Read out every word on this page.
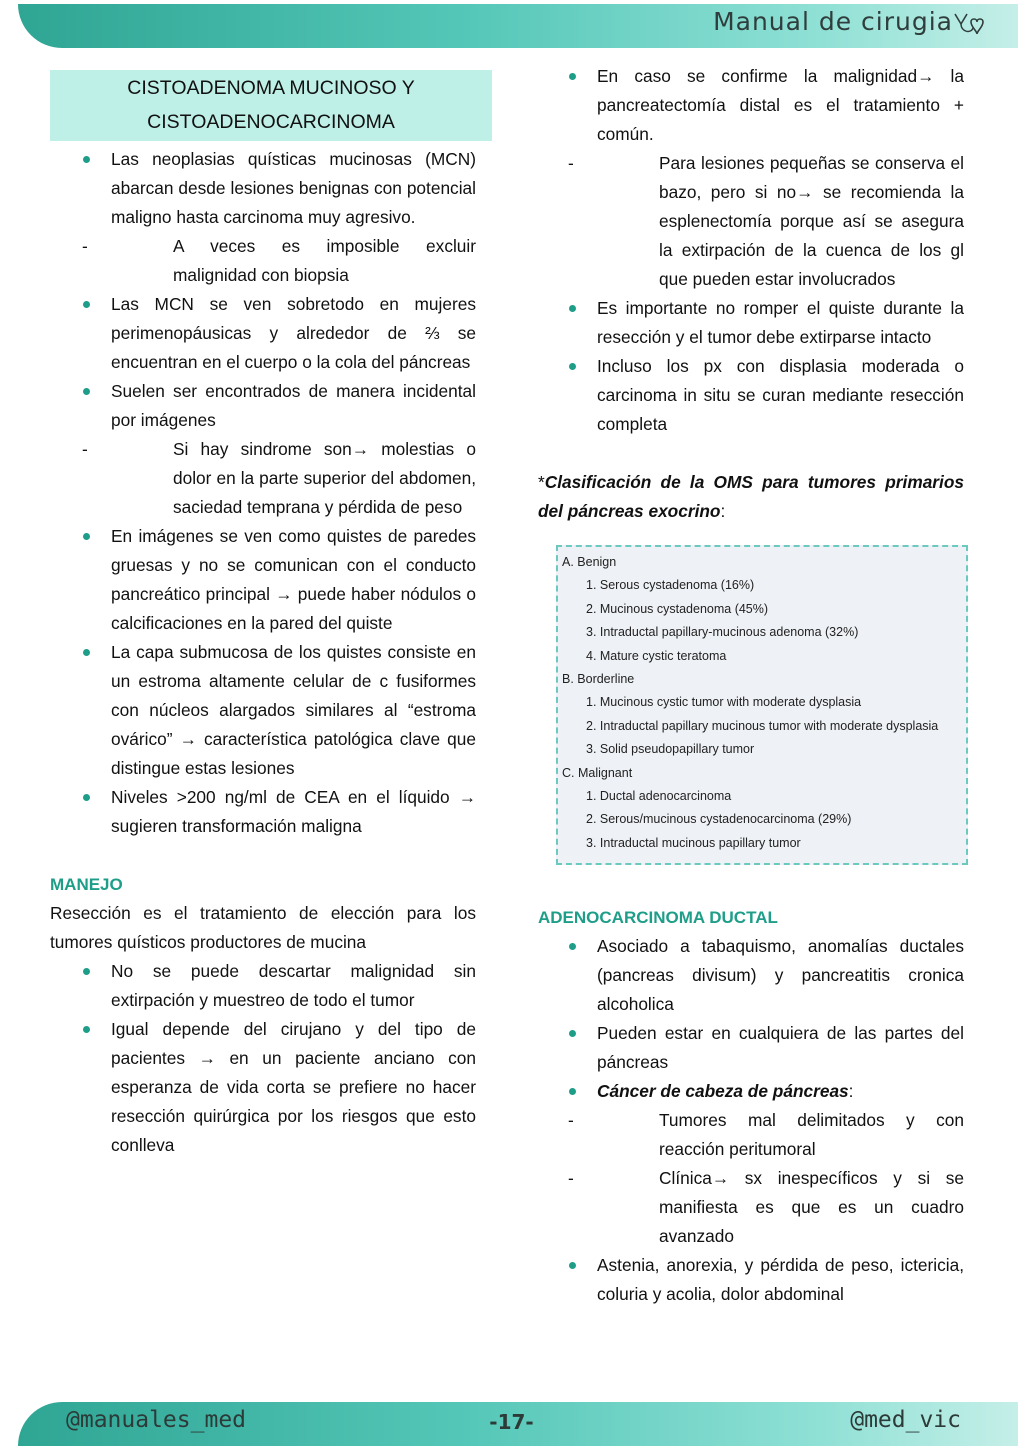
Manual de cirugia
CISTOADENOMA MUCINOSO Y
CISTOADENOCARCINOMA
Las neoplasias quísticas mucinosas (MCN) abarcan desde lesiones benignas con potencial maligno hasta carcinoma muy agresivo.
- A veces es imposible excluir malignidad con biopsia
Las MCN se ven sobretodo en mujeres perimenopáusicas y alrededor de ⅔ se encuentran en el cuerpo o la cola del páncreas
Suelen ser encontrados de manera incidental por imágenes
- Si hay sindrome son→ molestias o dolor en la parte superior del abdomen, saciedad temprana y pérdida de peso
En imágenes se ven como quistes de paredes gruesas y no se comunican con el conducto pancreático principal → puede haber nódulos o calcificaciones en la pared del quiste
La capa submucosa de los quistes consiste en un estroma altamente celular de c fusiformes con núcleos alargados similares al “estroma ovárico” → característica patológica clave que distingue estas lesiones
Niveles >200 ng/ml de CEA en el líquido → sugieren transformación maligna
MANEJO

Resección es el tratamiento de elección para los tumores quísticos productores de mucina

No se puede descartar malignidad sin extirpación y muestreo de todo el tumor
Igual depende del cirujano y del tipo de pacientes → en un paciente anciano con esperanza de vida corta se prefiere no hacer resección quirúrgica por los riesgos que esto conlleva
En caso se confirme la malignidad→ la pancreatectomía distal es el tratamiento + común.
- Para lesiones pequeñas se conserva el bazo, pero si no→ se recomienda la esplenectomía porque así se asegura la extirpación de la cuenca de los gl que pueden estar involucrados
Es importante no romper el quiste durante la resección y el tumor debe extirparse intacto
Incluso los px con displasia moderada o carcinoma in situ se curan mediante resección completa

*Clasificación de la OMS para tumores primarios del páncreas exocrino:

A. Benign
1. Serous cystadenoma (16%)
2. Mucinous cystadenoma (45%)
3. Intraductal papillary-mucinous adenoma (32%)
4. Mature cystic teratoma
B. Borderline
1. Mucinous cystic tumor with moderate dysplasia
2. Intraductal papillary mucinous tumor with moderate dysplasia
3. Solid pseudopapillary tumor
C. Malignant
1. Ductal adenocarcinoma
2. Serous/mucinous cystadenocarcinoma (29%)
3. Intraductal mucinous papillary tumor
ADENOCARCINOMA DUCTAL
Asociado a tabaquismo, anomalías ductales (pancreas divisum) y pancreatitis cronica alcoholica
Pueden estar en cualquiera de las partes del páncreas
Cáncer de cabeza de páncreas:
- Tumores mal delimitados y con reacción peritumoral
- Clínica→ sx inespecíficos y si se manifiesta es que es un cuadro avanzado
Astenia, anorexia, y pérdida de peso, ictericia, coluria y acolia, dolor abdominal
@manuales_med	-17-	@med_vic
